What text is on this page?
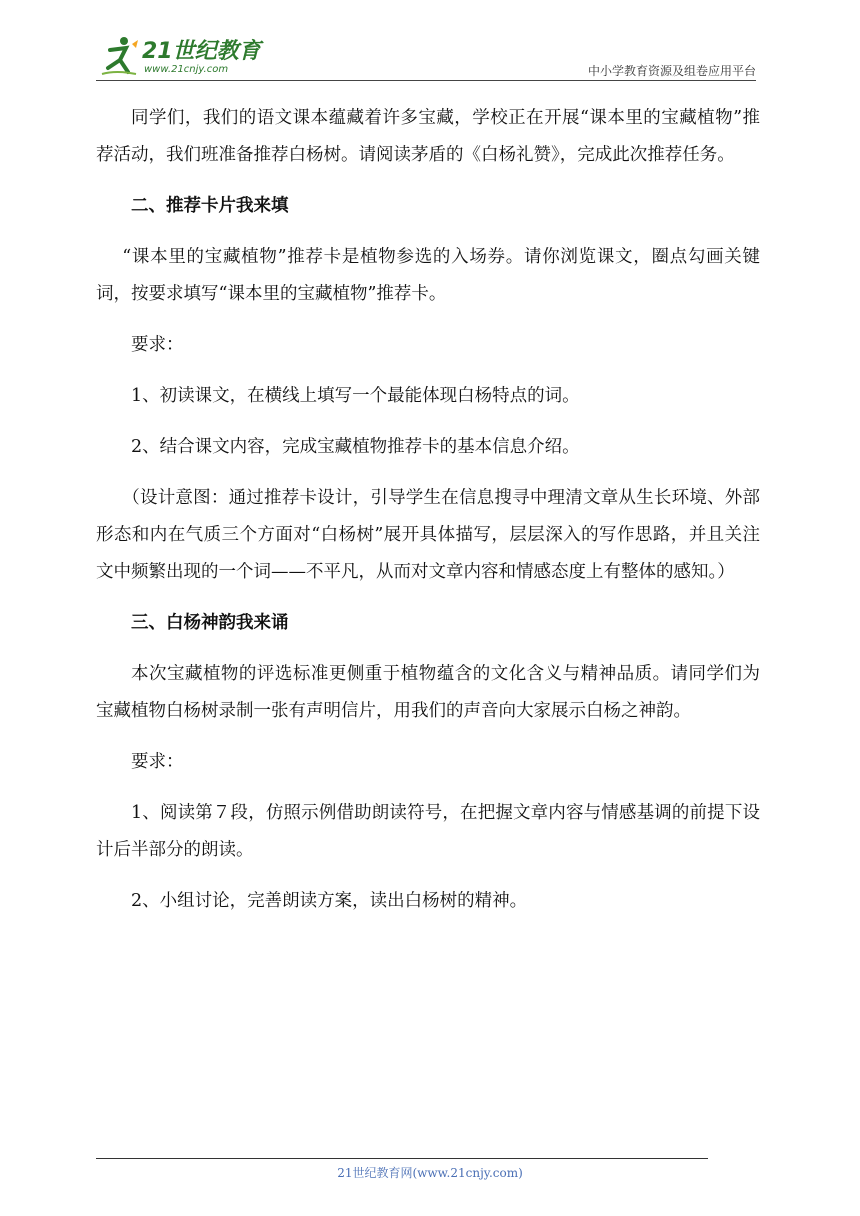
21世纪教育
www.21cnjy.com	中小学教育资源及组卷应用平台

同学们，我们的语文课本蕴藏着许多宝藏，学校正在开展“课本里的宝藏植物”推荐活动，我们班准备推荐白杨树。请阅读茅盾的《白杨礼赞》，完成此次推荐任务。

二、推荐卡片我来填

“课本里的宝藏植物”推荐卡是植物参选的入场券。请你浏览课文，圈点勾画关键词，按要求填写“课本里的宝藏植物”推荐卡。

要求：

1、初读课文，在横线上填写一个最能体现白杨特点的词。

2、结合课文内容，完成宝藏植物推荐卡的基本信息介绍。

（设计意图：通过推荐卡设计，引导学生在信息搜寻中理清文章从生长环境、外部形态和内在气质三个方面对“白杨树”展开具体描写，层层深入的写作思路，并且关注文中频繁出现的一个词——不平凡，从而对文章内容和情感态度上有整体的感知。）

三、白杨神韵我来诵

本次宝藏植物的评选标准更侧重于植物蕴含的文化含义与精神品质。请同学们为宝藏植物白杨树录制一张有声明信片，用我们的声音向大家展示白杨之神韵。

要求：

1、阅读第７段，仿照示例借助朗读符号，在把握文章内容与情感基调的前提下设计后半部分的朗读。

2、小组讨论，完善朗读方案，读出白杨树的精神。

21世纪教育网(www.21cnjy.com)
